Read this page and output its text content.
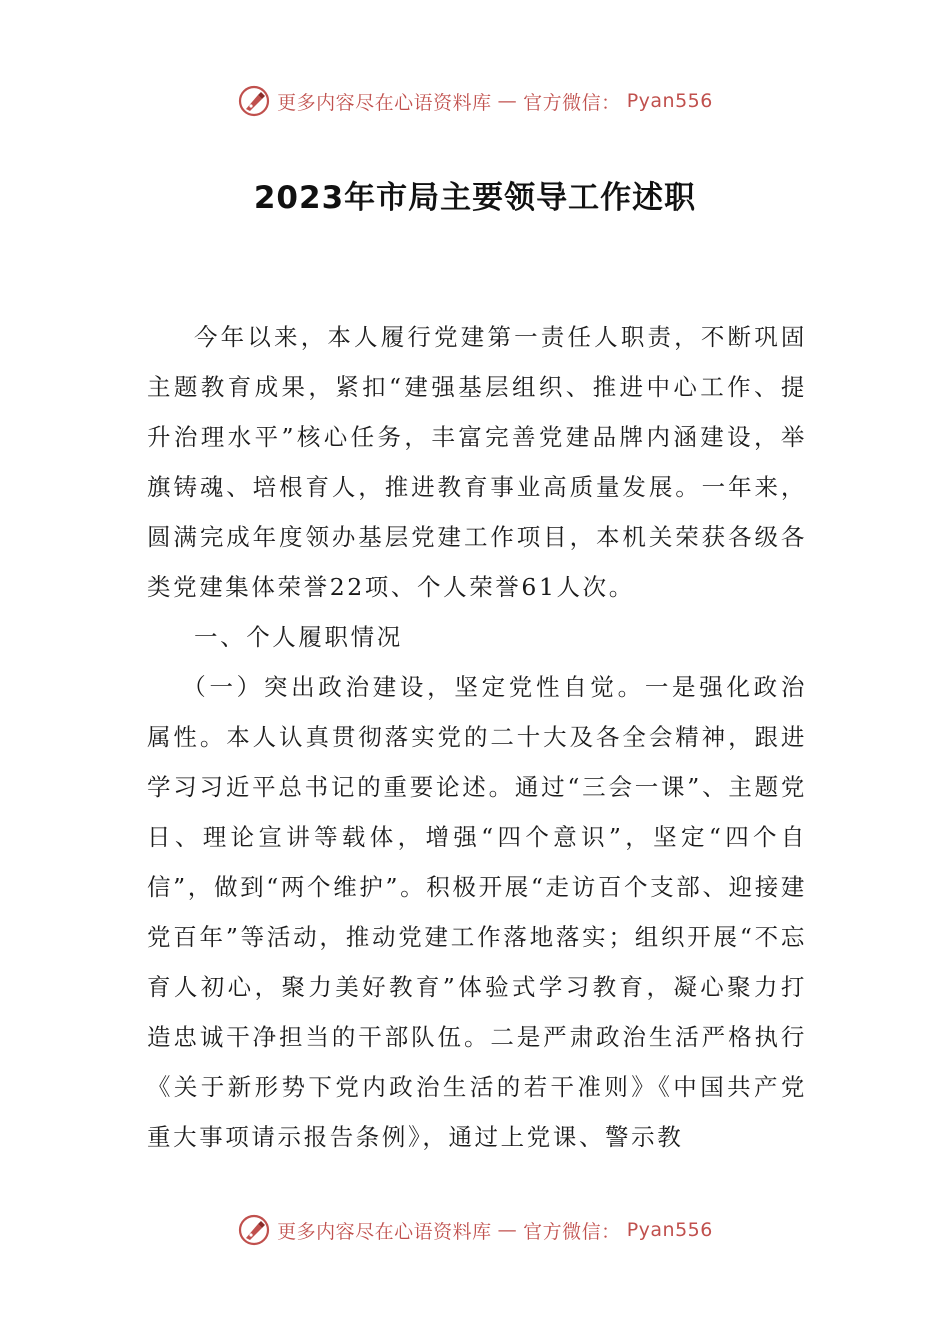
更多内容尽在心语资料库 — 官方微信： Pyan556
2023年市局主要领导工作述职

今年以来，本人履行党建第一责任人职责，不断巩固主题教育成果，紧扣“建强基层组织、推进中心工作、提升治理水平”核心任务，丰富完善党建品牌内涵建设，举旗铸魂、培根育人，推进教育事业高质量发展。一年来，圆满完成年度领办基层党建工作项目，本机关荣获各级各类党建集体荣誉22项、个人荣誉61人次。

一、个人履职情况

（一）突出政治建设，坚定党性自觉。一是强化政治属性。本人认真贯彻落实党的二十大及各全会精神，跟进学习习近平总书记的重要论述。通过“三会一课”、主题党日、理论宣讲等载体，增强“四个意识”，坚定“四个自信”，做到“两个维护”。积极开展“走访百个支部、迎接建党百年”等活动，推动党建工作落地落实；组织开展“不忘育人初心，聚力美好教育”体验式学习教育，凝心聚力打造忠诚干净担当的干部队伍。二是严肃政治生活严格执行《关于新形势下党内政治生活的若干准则》《中国共产党重大事项请示报告条例》，通过上党课、警示教

更多内容尽在心语资料库 — 官方微信： Pyan556
